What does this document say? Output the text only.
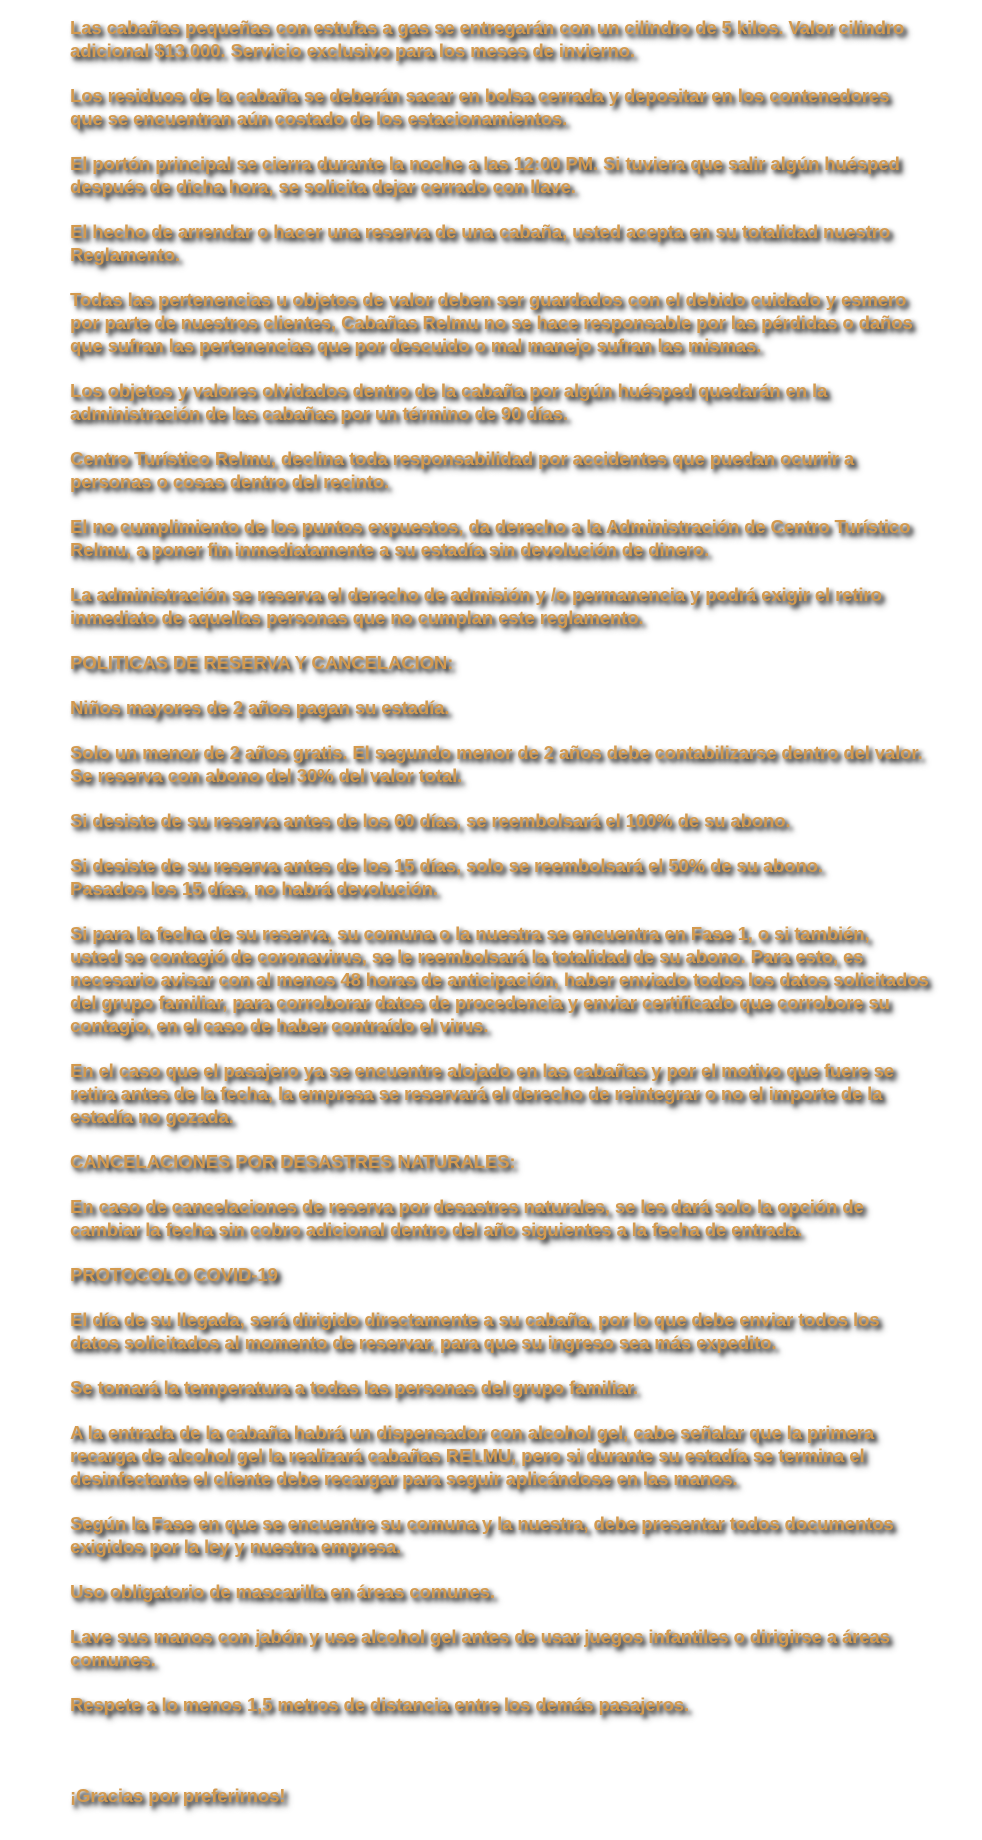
Las cabañas pequeñas con estufas a gas se entregarán con un cilindro de 5 kilos. Valor cilindro
adicional $13.000. Servicio exclusivo para los meses de invierno.

Los residuos de la cabaña se deberán sacar en bolsa cerrada y depositar en los contenedores
que se encuentran aún costado de los estacionamientos.

El portón principal se cierra durante la noche a las 12:00 PM. Si tuviera que salir algún huésped
después de dicha hora, se solicita dejar cerrado con llave.

El hecho de arrendar o hacer una reserva de una cabaña, usted acepta en su totalidad nuestro
Reglamento.

Todas las pertenencias u objetos de valor deben ser guardados con el debido cuidado y esmero
por parte de nuestros clientes, Cabañas Relmu no se hace responsable por las pérdidas o daños
que sufran las pertenencias que por descuido o mal manejo sufran las mismas.

Los objetos y valores olvidados dentro de la cabaña por algún huésped quedarán en la
administración de las cabañas por un término de 90 días.

Centro Turístico Relmu, declina toda responsabilidad por accidentes que puedan ocurrir a
personas o cosas dentro del recinto.

El no cumplimiento de los puntos expuestos, da derecho a la Administración de Centro Turístico
Relmu, a poner fin inmediatamente a su estadía sin devolución de dinero.

La administración se reserva el derecho de admisión y /o permanencia y podrá exigir el retiro
inmediato de aquellas personas que no cumplan este reglamento.

POLITICAS DE RESERVA Y CANCELACION:

Niños mayores de 2 años pagan su estadía.

Solo un menor de 2 años gratis. El segundo menor de 2 años debe contabilizarse dentro del valor.
Se reserva con abono del 30% del valor total.

Si desiste de su reserva antes de los 60 días, se reembolsará el 100% de su abono.

Si desiste de su reserva antes de los 15 días, solo se reembolsará el 50% de su abono.
Pasados los 15 días, no habrá devolución.

Si para la fecha de su reserva, su comuna o la nuestra se encuentra en Fase 1, o si también,
usted se contagió de coronavirus, se le reembolsará la totalidad de su abono. Para esto, es
necesario avisar con al menos 48 horas de anticipación, haber enviado todos los datos solicitados
del grupo familiar, para corroborar datos de procedencia y enviar certificado que corrobore su
contagio, en el caso de haber contraído el virus.

En el caso que el pasajero ya se encuentre alojado en las cabañas y por el motivo que fuere se
retira antes de la fecha, la empresa se reservará el derecho de reintegrar o no el importe de la
estadía no gozada.

CANCELACIONES POR DESASTRES NATURALES:

En caso de cancelaciones de reserva por desastres naturales, se les dará solo la opción de
cambiar la fecha sin cobro adicional dentro del año siguientes a la fecha de entrada.

PROTOCOLO COVID-19

El día de su llegada, será dirigido directamente a su cabaña, por lo que debe enviar todos los
datos solicitados al momento de reservar, para que su ingreso sea más expedito.

Se tomará la temperatura a todas las personas del grupo familiar.

A la entrada de la cabaña habrá un dispensador con alcohol gel, cabe señalar que la primera
recarga de alcohol gel la realizará cabañas RELMU, pero si durante su estadía se termina el
desinfectante el cliente debe recargar para seguir aplicándose en las manos.

Según la Fase en que se encuentre su comuna y la nuestra, debe presentar todos documentos
exigidos por la ley y nuestra empresa.

Uso obligatorio de mascarilla en áreas comunes.

Lave sus manos con jabón y use alcohol gel antes de usar juegos infantiles o dirigirse a áreas
comunes.

Respete a lo menos 1,5 metros de distancia entre los demás pasajeros.

¡Gracias por preferirnos!
